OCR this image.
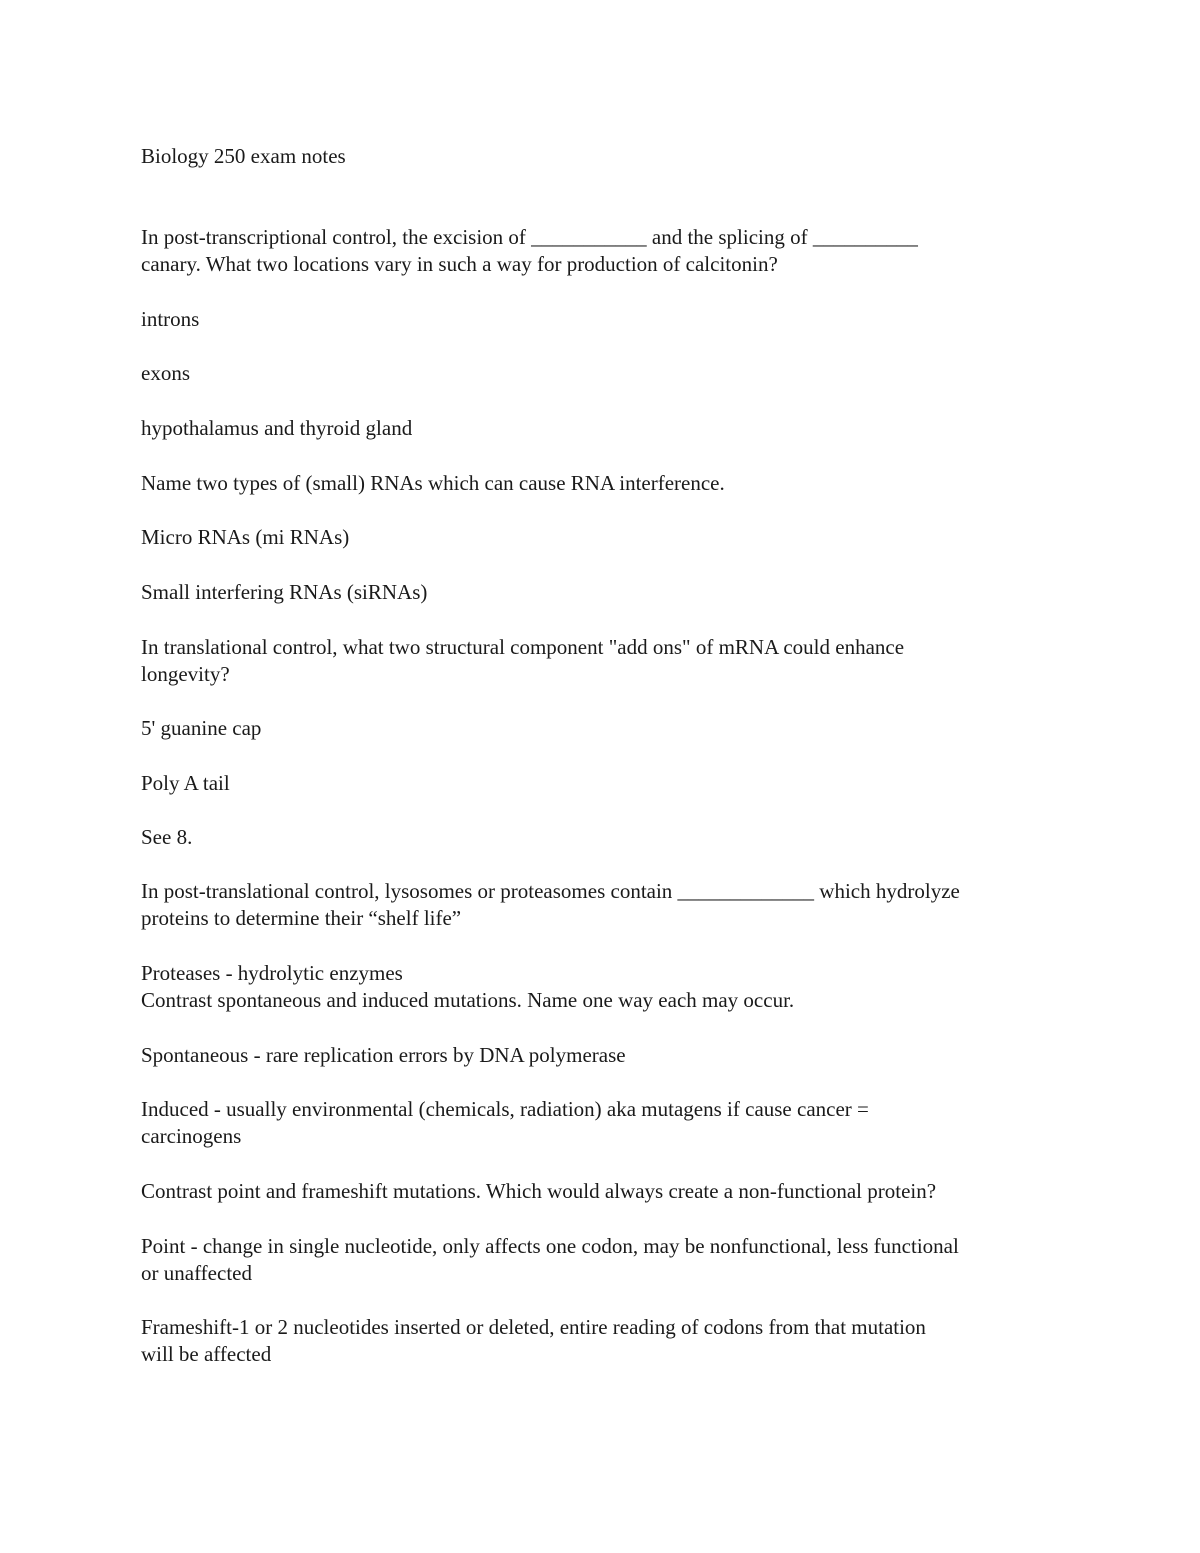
Biology 250 exam notes

In post-transcriptional control, the excision of ___________ and the splicing of __________

canary. What two locations vary in such a way for production of calcitonin?

introns

exons

hypothalamus and thyroid gland

Name two types of (small) RNAs which can cause RNA interference.

Micro RNAs (mi RNAs)

Small interfering RNAs (siRNAs)

In translational control, what two structural component "add ons" of mRNA could enhance

longevity?

5' guanine cap

Poly A tail

See 8.

In post-translational control, lysosomes or proteasomes contain _____________ which hydrolyze

proteins to determine their “shelf life”

Proteases - hydrolytic enzymes

Contrast spontaneous and induced mutations. Name one way each may occur.

Spontaneous - rare replication errors by DNA polymerase

Induced - usually environmental (chemicals, radiation) aka mutagens if cause cancer =

carcinogens

Contrast point and frameshift mutations. Which would always create a non-functional protein?

Point - change in single nucleotide, only affects one codon, may be nonfunctional, less functional

or unaffected

Frameshift-1 or 2 nucleotides inserted or deleted, entire reading of codons from that mutation

will be affected
